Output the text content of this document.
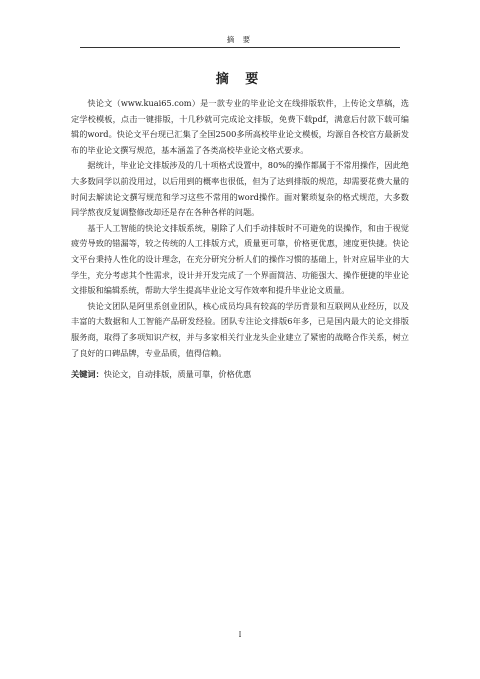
摘 要
摘 要

快论文（www.kuai65.com）是一款专业的毕业论文在线排版软件，上传论文草稿，选定学校模板，点击一键排版，十几秒就可完成论文排版，免费下载pdf，满意后付款下载可编辑的word。快论文平台现已汇集了全国2500多所高校毕业论文模板，均源自各校官方最新发布的毕业论文撰写规范，基本涵盖了各类高校毕业论文格式要求。

据统计，毕业论文排版涉及的几十项格式设置中，80%的操作都属于不常用操作，因此绝大多数同学以前没用过，以后用到的概率也很低，但为了达到排版的规范，却需要花费大量的时间去解读论文撰写规范和学习这些不常用的word操作。面对繁琐复杂的格式规范，大多数同学熬夜反复调整修改却还是存在各种各样的问题。

基于人工智能的快论文排版系统，剔除了人们手动排版时不可避免的误操作，和由于视觉疲劳导致的错漏等，较之传统的人工排版方式，质量更可靠，价格更优惠，速度更快捷。快论文平台秉持人性化的设计理念，在充分研究分析人们的操作习惯的基础上，针对应届毕业的大学生，充分考虑其个性需求，设计并开发完成了一个界面简洁、功能强大、操作便捷的毕业论文排版和编辑系统，帮助大学生提高毕业论文写作效率和提升毕业论文质量。

快论文团队是阿里系创业团队，核心成员均具有较高的学历背景和互联网从业经历，以及丰富的大数据和人工智能产品研发经验。团队专注论文排版6年多，已是国内最大的论文排版服务商，取得了多项知识产权，并与多家相关行业龙头企业建立了紧密的战略合作关系，树立了良好的口碑品牌，专业品质，值得信赖。

关键词：快论文，自动排版，质量可靠，价格优惠

I
